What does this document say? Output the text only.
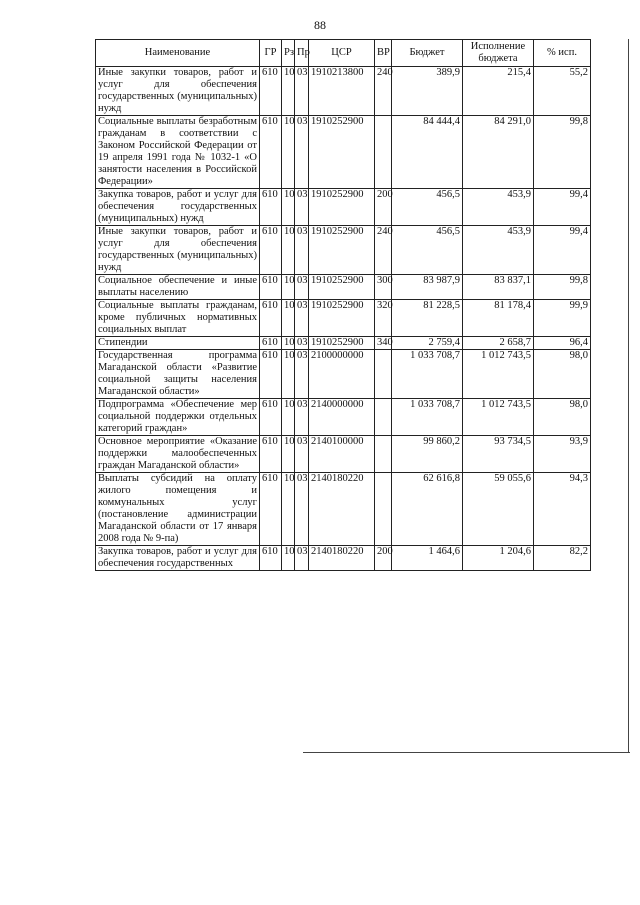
88
Наименование	ГР	Рз	Пр	ЦСР	ВР	Бюджет	Исполнение бюджета	% исп.
Иные закупки товаров, работ и услуг для обеспечения государственных (муниципальных) нужд	610	10	03	1910213800	240	389,9	215,4	55,2
Социальные выплаты безработным гражданам в соответствии с Законом Российской Федерации от 19 апреля 1991 года № 1032-1 «О занятости населения в Российской Федерации»	610	10	03	1910252900		84 444,4	84 291,0	99,8
Закупка товаров, работ и услуг для обеспечения государственных (муниципальных) нужд	610	10	03	1910252900	200	456,5	453,9	99,4
Иные закупки товаров, работ и услуг для обеспечения государственных (муниципальных) нужд	610	10	03	1910252900	240	456,5	453,9	99,4
Социальное обеспечение и иные выплаты населению	610	10	03	1910252900	300	83 987,9	83 837,1	99,8
Социальные выплаты гражданам, кроме публичных нормативных социальных выплат	610	10	03	1910252900	320	81 228,5	81 178,4	99,9
Стипендии	610	10	03	1910252900	340	2 759,4	2 658,7	96,4
Государственная программа Магаданской области «Развитие социальной защиты населения Магаданской области»	610	10	03	2100000000		1 033 708,7	1 012 743,5	98,0
Подпрограмма «Обеспечение мер социальной поддержки отдельных категорий граждан»	610	10	03	2140000000		1 033 708,7	1 012 743,5	98,0
Основное мероприятие «Оказание поддержки малообеспеченных граждан Магаданской области»	610	10	03	2140100000		99 860,2	93 734,5	93,9
Выплаты субсидий на оплату жилого помещения и коммунальных услуг (постановление администрации Магаданской области от 17 января 2008 года № 9-па)	610	10	03	2140180220		62 616,8	59 055,6	94,3
Закупка товаров, работ и услуг для обеспечения государственных	610	10	03	2140180220	200	1 464,6	1 204,6	82,2
